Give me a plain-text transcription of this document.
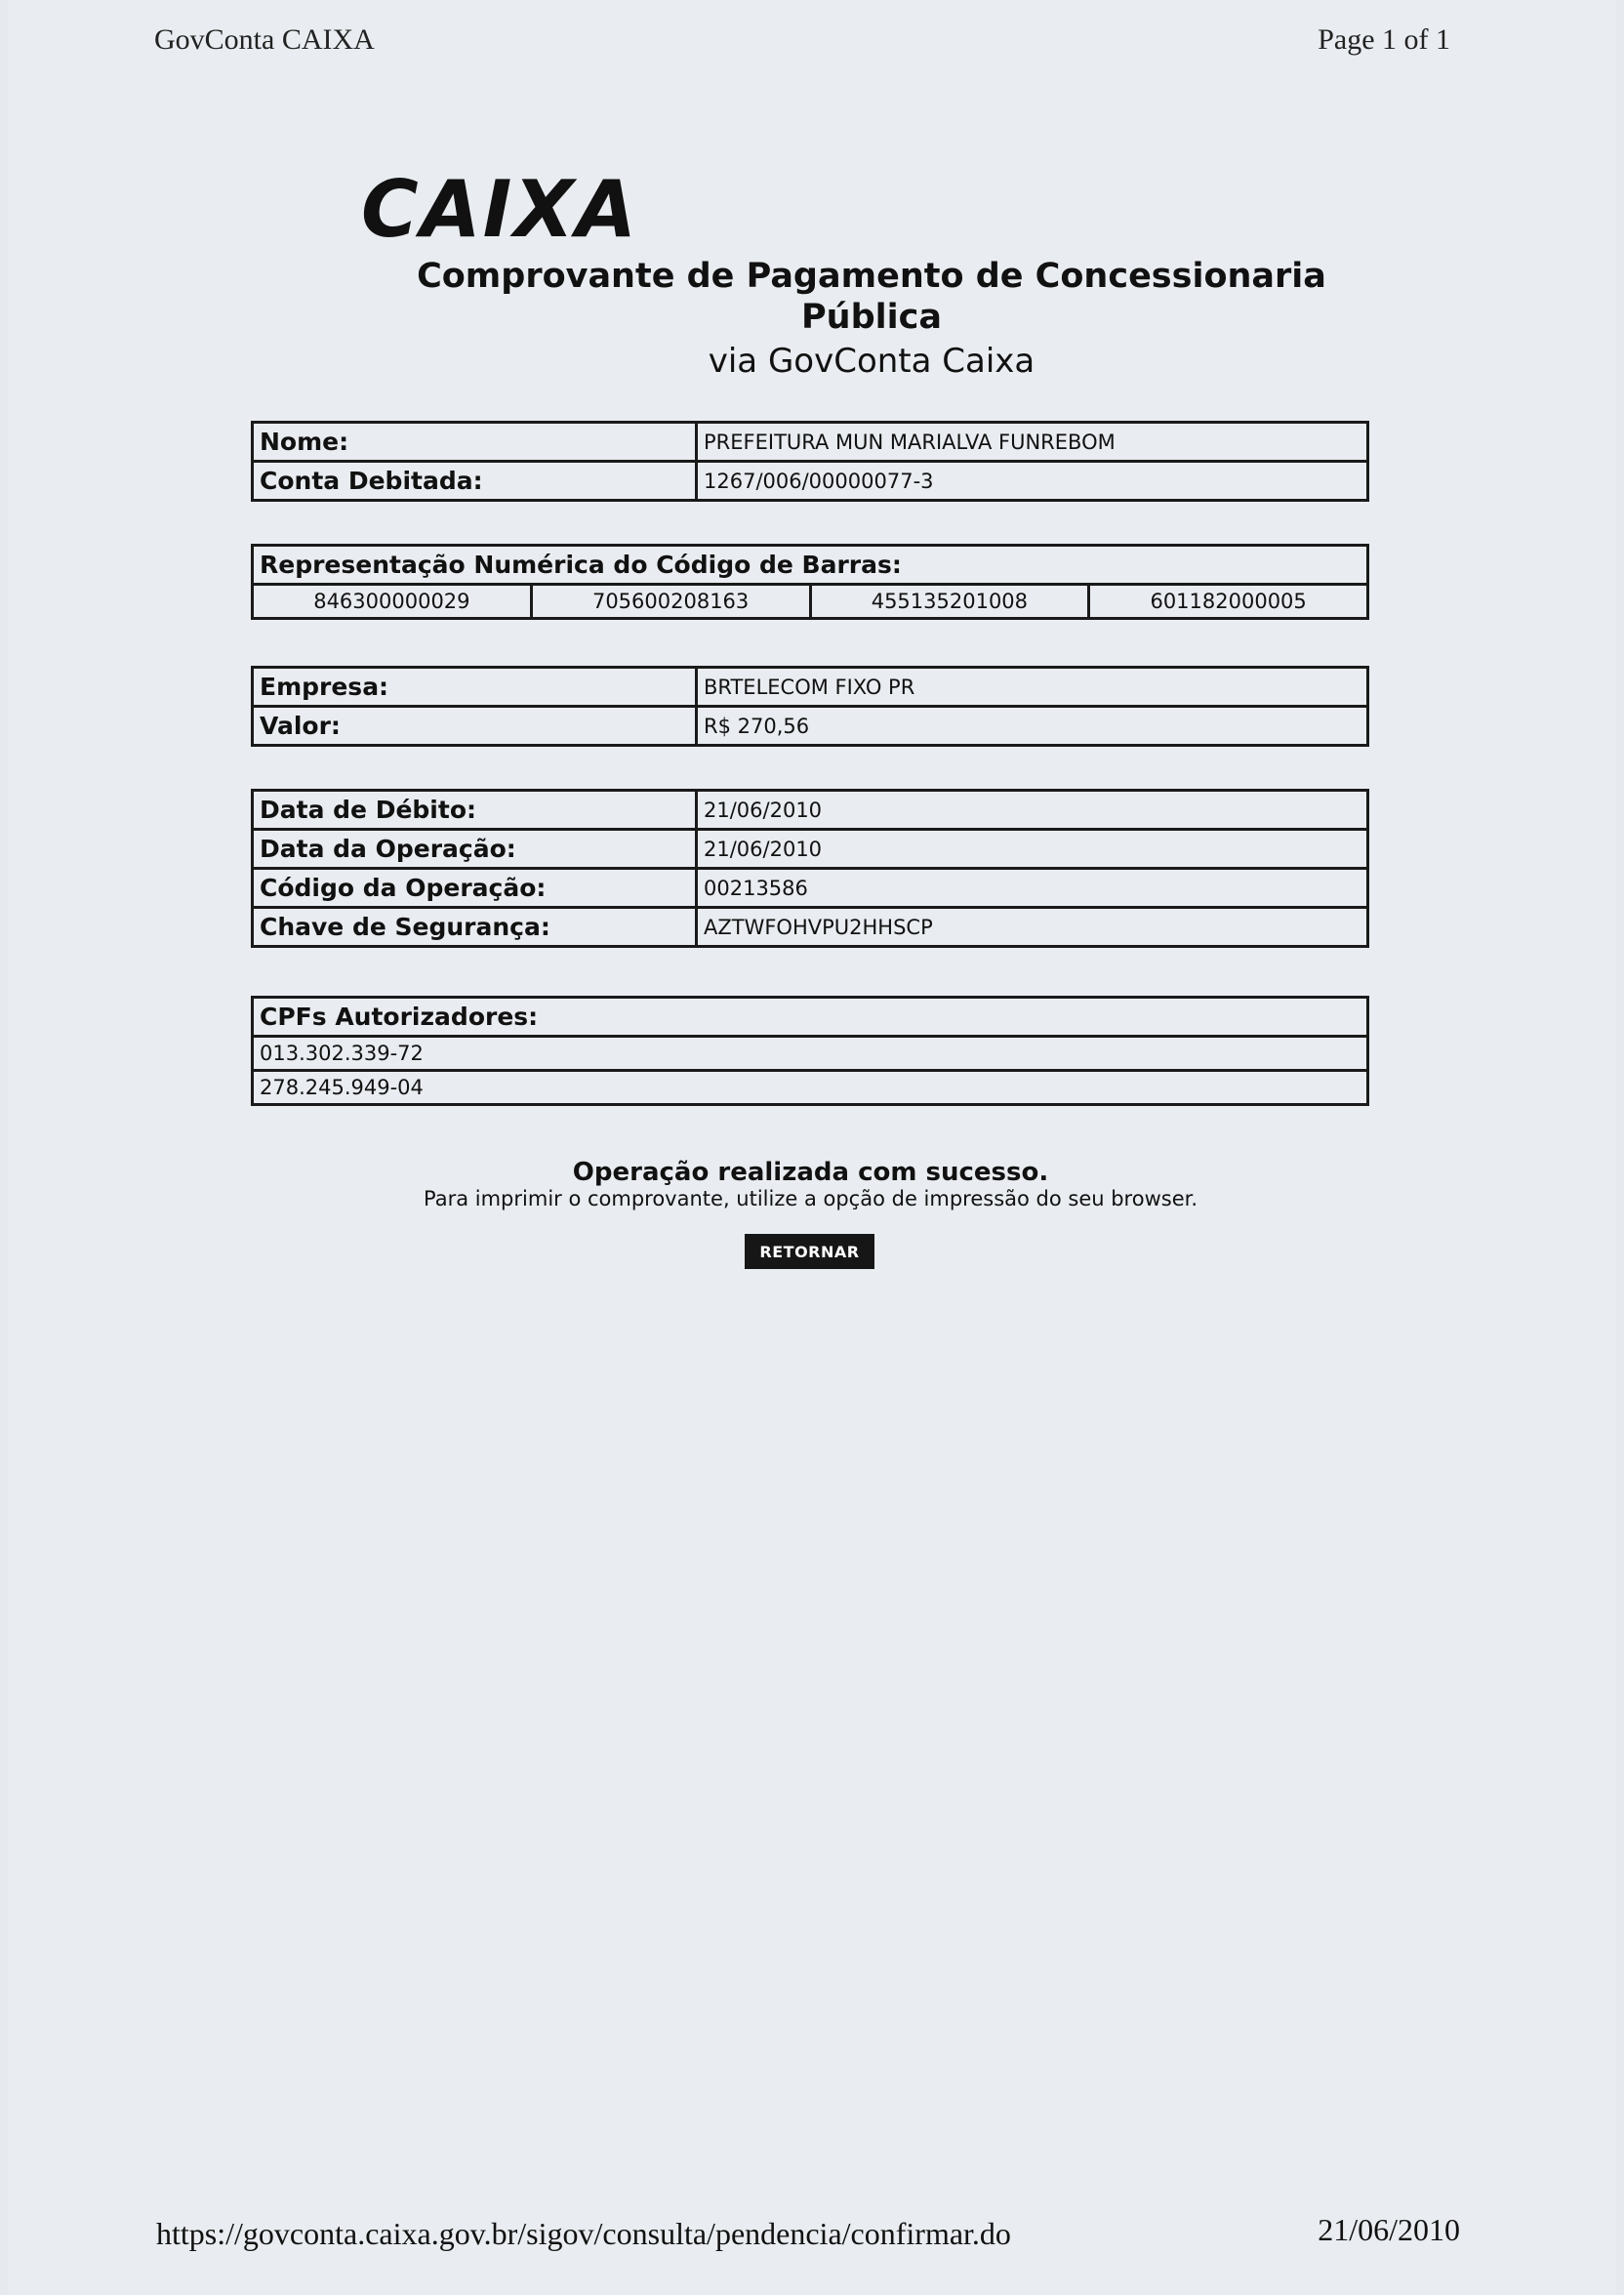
GovConta CAIXA	Page 1 of 1
CAIXA
Comprovante de Pagamento de Concessionaria
Pública
via GovConta Caixa
Nome:	PREFEITURA MUN MARIALVA FUNREBOM
Conta Debitada:	1267/006/00000077-3
Representação Numérica do Código de Barras:
846300000029	705600208163	455135201008	601182000005
Empresa:	BRTELECOM FIXO PR
Valor:	R$ 270,56
Data de Débito:	21/06/2010
Data da Operação:	21/06/2010
Código da Operação:	00213586
Chave de Segurança:	AZTWFOHVPU2HHSCP
CPFs Autorizadores:
013.302.339-72
278.245.949-04
Operação realizada com sucesso.
Para imprimir o comprovante, utilize a opção de impressão do seu browser.
RETORNAR
https://govconta.caixa.gov.br/sigov/consulta/pendencia/confirmar.do	21/06/2010
